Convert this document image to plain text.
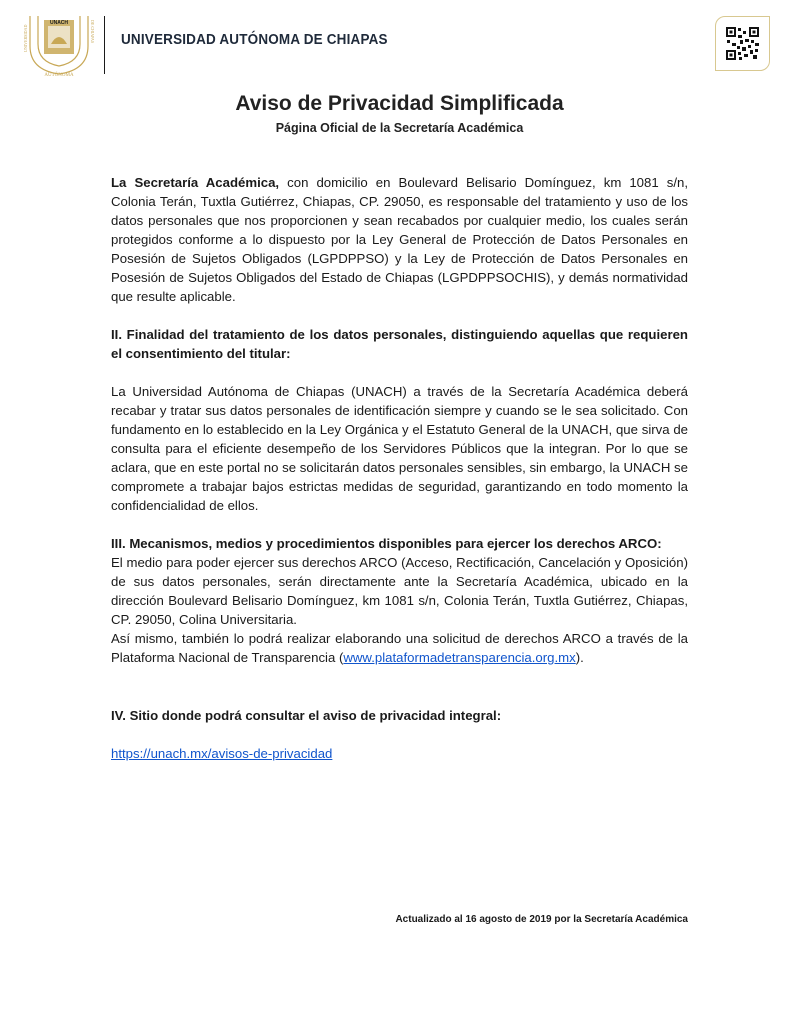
UNACH
AUTÓNOMA
UNIVERSIDAD	DE CHIAPAS UNIVERSIDAD AUTÓNOMA DE CHIAPAS
Aviso de Privacidad Simplificada
Página Oficial de la Secretaría Académica

La Secretaría Académica, con domicilio en Boulevard Belisario Domínguez, km 1081 s/n, Colonia Terán, Tuxtla Gutiérrez, Chiapas, CP. 29050, es responsable del tratamiento y uso de los datos personales que nos proporcionen y sean recabados por cualquier medio, los cuales serán protegidos conforme a lo dispuesto por la Ley General de Protección de Datos Personales en Posesión de Sujetos Obligados (LGPDPPSO) y la Ley de Protección de Datos Personales en Posesión de Sujetos Obligados del Estado de Chiapas (LGPDPPSOCHIS), y demás normatividad que resulte aplicable.

II. Finalidad del tratamiento de los datos personales, distinguiendo aquellas que requieren el consentimiento del titular:

La Universidad Autónoma de Chiapas (UNACH) a través de la Secretaría Académica deberá recabar y tratar sus datos personales de identificación siempre y cuando se le sea solicitado. Con fundamento en lo establecido en la Ley Orgánica y el Estatuto General de la UNACH, que sirva de consulta para el eficiente desempeño de los Servidores Públicos que la integran. Por lo que se aclara, que en este portal no se solicitarán datos personales sensibles, sin embargo, la UNACH se compromete a trabajar bajos estrictas medidas de seguridad, garantizando en todo momento la confidencialidad de ellos.

III. Mecanismos, medios y procedimientos disponibles para ejercer los derechos ARCO:

El medio para poder ejercer sus derechos ARCO (Acceso, Rectificación, Cancelación y Oposición) de sus datos personales, serán directamente ante la Secretaría Académica, ubicado en la dirección Boulevard Belisario Domínguez, km 1081 s/n, Colonia Terán, Tuxtla Gutiérrez, Chiapas, CP. 29050, Colina Universitaria.

Así mismo, también lo podrá realizar elaborando una solicitud de derechos ARCO a través de la Plataforma Nacional de Transparencia (www.plataformadetransparencia.org.mx).

IV. Sitio donde podrá consultar el aviso de privacidad integral:

https://unach.mx/avisos-de-privacidad

Actualizado al 16 agosto de 2019 por la Secretaría Académica
